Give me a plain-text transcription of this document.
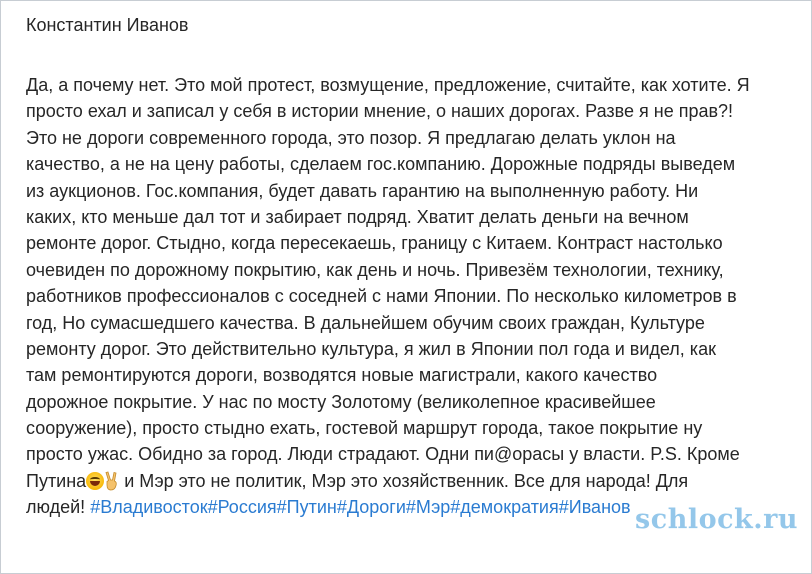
Константин Иванов
Да, а почему нет. Это мой протест, возмущение, предложение, считайте, как хотите. Я
просто ехал и записал у себя в истории мнение, о наших дорогах. Разве я не прав?!
Это не дороги современного города, это позор. Я предлагаю делать уклон на
качество, а не на цену работы, сделаем гос.компанию. Дорожные подряды выведем
из аукционов. Гос.компания, будет давать гарантию на выполненную работу. Ни
каких, кто меньше дал тот и забирает подряд. Хватит делать деньги на вечном
ремонте дорог. Стыдно, когда пересекаешь, границу с Китаем. Контраст настолько
очевиден по дорожному покрытию, как день и ночь. Привезём технологии, технику,
работников профессионалов с соседней с нами Японии. По несколько километров в
год, Но сумасшедшего качества. В дальнейшем обучим своих граждан, Культуре
ремонту дорог. Это действительно культура, я жил в Японии пол года и видел, как
там ремонтируются дороги, возводятся новые магистрали, какого качество
дорожное покрытие. У нас по мосту Золотому (великолепное красивейшее
сооружение), просто стыдно ехать, гостевой маршрут города, такое покрытие ну
просто ужас. Обидно за город. Люди страдают. Одни пи@орасы у власти. P.S. Кроме
Путина
и Мэр это не политик, Мэр это хозяйственник. Все для народа! Для
людей! #Владивосток#Россия#Путин#Дороги#Мэр#демократия#Иванов schlock.ru
